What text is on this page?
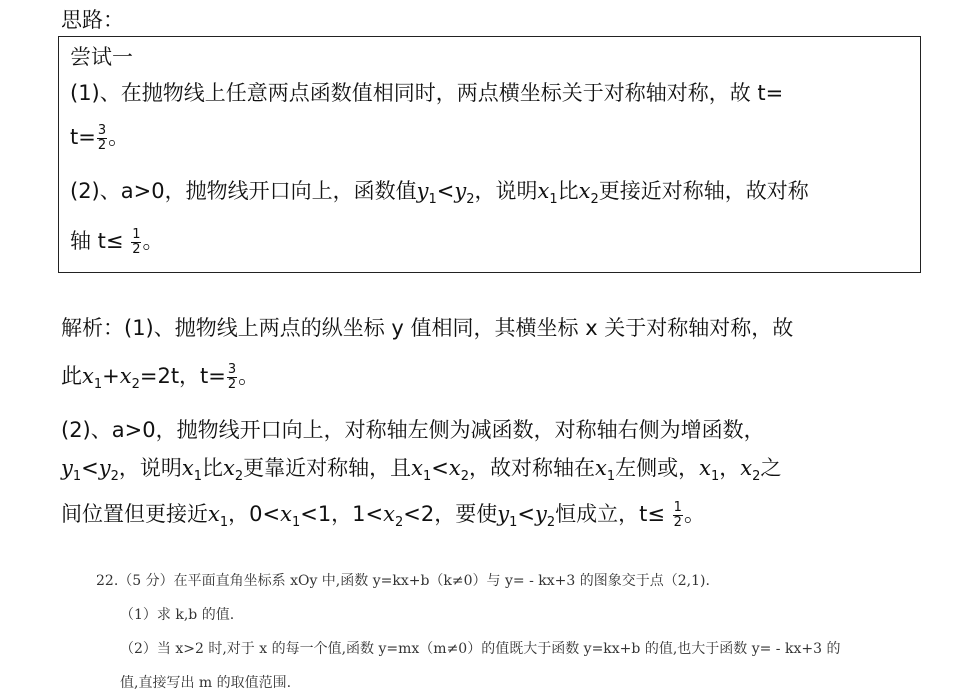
思路：
尝试一
(1)、在抛物线上任意两点函数值相同时，两点横坐标关于对称轴对称，故 t=
$t= \frac{3}{2}$ 。
(2)、a>0，抛物线开口向上，函数值$y_1<y_2$，说明$x_1$比$x_2$更接近对称轴，故对称
轴 $t\le \frac{1}{2}$ 。
解析：(1)、抛物线上两点的纵坐标 y 值相同，其横坐标 x 关于对称轴对称，故
此$x_1+x_2=2t$，$t= \frac{3}{2}$ 。
(2)、a>0，抛物线开口向上，对称轴左侧为减函数，对称轴右侧为增函数，
$y_1<y_2$，说明$x_1$比$x_2$更靠近对称轴，且$x_1<x_2$，故对称轴在$x_1$左侧或，$x_1$，$x_2$之
间位置但更接近$x_1$，$0<x_1<1$，$1<x_2<2$，要使$y_1<y_2$恒成立，$t\le \frac{1}{2}$ 。
22.（5 分）在平面直角坐标系 xOy 中,函数 y=kx+b（k≠0）与 y= - kx+3 的图象交于点（2,1).
（1）求 k,b 的值.
（2）当 x>2 时,对于 x 的每一个值,函数 y=mx（m≠0）的值既大于函数 y=kx+b 的值,也大于函数 y= - kx+3 的
值,直接写出 m 的取值范围.
